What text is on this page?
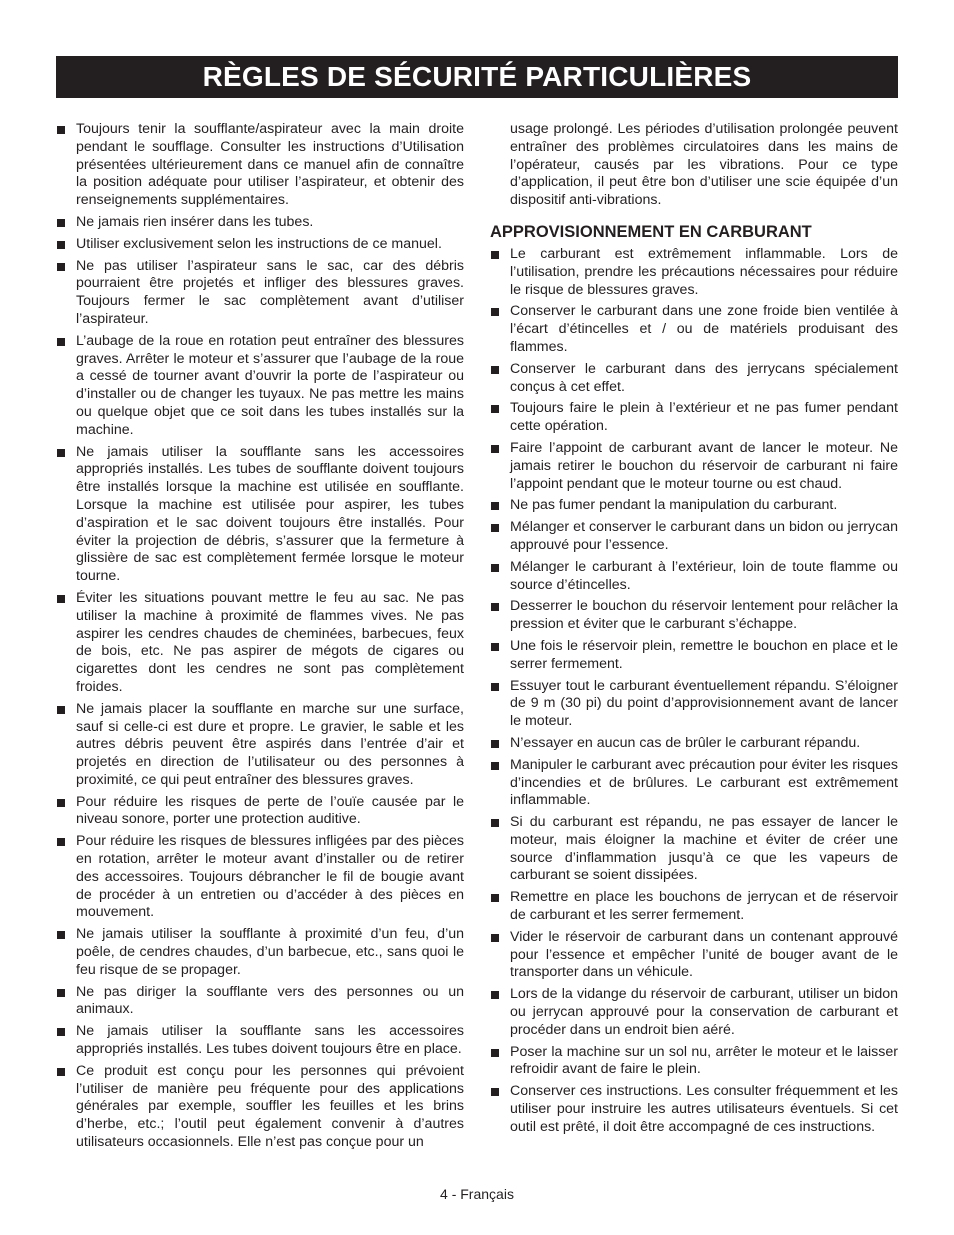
RÈGLES DE SÉCURITÉ PARTICULIÈRES
Toujours tenir la soufflante/aspirateur avec la main droite pendant le soufflage. Consulter les instructions d’Utilisation présentées ultérieurement dans ce manuel afin de connaître la position adéquate pour utiliser l’aspirateur, et obtenir des renseignements supplémentaires.
Ne jamais rien insérer dans les tubes.
Utiliser exclusivement selon les instructions de ce manuel.
Ne pas utiliser l’aspirateur sans le sac, car des débris pourraient être projetés et infliger des blessures graves. Toujours fermer le sac complètement avant d’utiliser l’aspirateur.
L’aubage de la roue en rotation peut entraîner des blessures graves. Arrêter le moteur et s’assurer que l’aubage de la roue a cessé de tourner avant d’ouvrir la porte de l’aspirateur ou d’installer ou de changer les tuyaux. Ne pas mettre les mains ou quelque objet que ce soit dans les tubes installés sur la machine.
Ne jamais utiliser la soufflante sans les accessoires appropriés installés. Les tubes de soufflante doivent toujours être installés lorsque la machine est utilisée en soufflante. Lorsque la machine est utilisée pour aspirer, les tubes d’aspiration et le sac doivent toujours être installés. Pour éviter la projection de débris, s’assurer que la fermeture à glissière de sac est complètement fermée lorsque le moteur tourne.
Éviter les situations pouvant mettre le feu au sac. Ne pas utiliser la machine à proximité de flammes vives. Ne pas aspirer les cendres chaudes de cheminées, barbecues, feux de bois, etc. Ne pas aspirer de mégots de cigares ou cigarettes dont les cendres ne sont pas complètement froides.
Ne jamais placer la soufflante en marche sur une surface, sauf si celle-ci est dure et propre. Le gravier, le sable et les autres débris peuvent être aspirés dans l’entrée d’air et projetés en direction de l’utilisateur ou des personnes à proximité, ce qui peut entraîner des blessures graves.
Pour réduire les risques de perte de l’ouïe causée par le niveau sonore, porter une protection auditive.
Pour réduire les risques de blessures infligées par des pièces en rotation, arrêter le moteur avant d’installer ou de retirer des accessoires. Toujours débrancher le fil de bougie avant de procéder à un entretien ou d’accéder à des pièces en mouvement.
Ne jamais utiliser la soufflante à proximité d’un feu, d’un poêle, de cendres chaudes, d’un barbecue, etc., sans quoi le feu risque de se propager.
Ne pas diriger la soufflante vers des personnes ou un animaux.
Ne jamais utiliser la soufflante sans les accessoires appropriés installés. Les tubes doivent toujours être en place.
Ce produit est conçu pour les personnes qui prévoient l’utiliser de manière peu fréquente pour des applications générales par exemple, souffler les feuilles et les brins d’herbe, etc.; l’outil peut également convenir à d’autres utilisateurs occasionnels. Elle n’est pas conçue pour un
usage prolongé. Les périodes d’utilisation prolongée peuvent entraîner des problèmes circulatoires dans les mains de l’opérateur, causés par les vibrations. Pour ce type d’application, il peut être bon d’utiliser une scie équipée d’un dispositif anti-vibrations.
APPROVISIONNEMENT EN CARBURANT
Le carburant est extrêmement inflammable. Lors de l’utilisation, prendre les précautions nécessaires pour réduire le risque de blessures graves.
Conserver le carburant dans une zone froide bien ventilée à l’écart d’étincelles et / ou de matériels produisant des flammes.
Conserver le carburant dans des jerrycans spécialement conçus à cet effet.
Toujours faire le plein à l’extérieur et ne pas fumer pendant cette opération.
Faire l’appoint de carburant avant de lancer le moteur. Ne jamais retirer le bouchon du réservoir de carburant ni faire l’appoint pendant que le moteur tourne ou est chaud.
Ne pas fumer pendant la manipulation du carburant.
Mélanger et conserver le carburant dans un bidon ou jerrycan approuvé pour l’essence.
Mélanger le carburant à l’extérieur, loin de toute flamme ou source d’étincelles.
Desserrer le bouchon du réservoir lentement pour relâcher la pression et éviter que le carburant s’échappe.
Une fois le réservoir plein, remettre le bouchon en place et le serrer fermement.
Essuyer tout le carburant éventuellement répandu. S’éloigner de 9 m (30 pi) du point d’approvisionnement avant de lancer le moteur.
N’essayer en aucun cas de brûler le carburant répandu.
Manipuler le carburant avec précaution pour éviter les risques d’incendies et de brûlures. Le carburant est extrêmement inflammable.
Si du carburant est répandu, ne pas essayer de lancer le moteur, mais éloigner la machine et éviter de créer une source d’inflammation jusqu’à ce que les vapeurs de carburant se soient dissipées.
Remettre en place les bouchons de jerrycan et de réservoir de carburant et les serrer fermement.
Vider le réservoir de carburant dans un contenant approuvé pour l’essence et empêcher l’unité de bouger avant de le transporter dans un véhicule.
Lors de la vidange du réservoir de carburant, utiliser un bidon ou jerrycan approuvé pour la conservation de carburant et procéder dans un endroit bien aéré.
Poser la machine sur un sol nu, arrêter le moteur et le laisser refroidir avant de faire le plein.
Conserver ces instructions. Les consulter fréquemment et les utiliser pour instruire les autres utilisateurs éventuels. Si cet outil est prêté, il doit être accompagné de ces instructions.
4 - Français
